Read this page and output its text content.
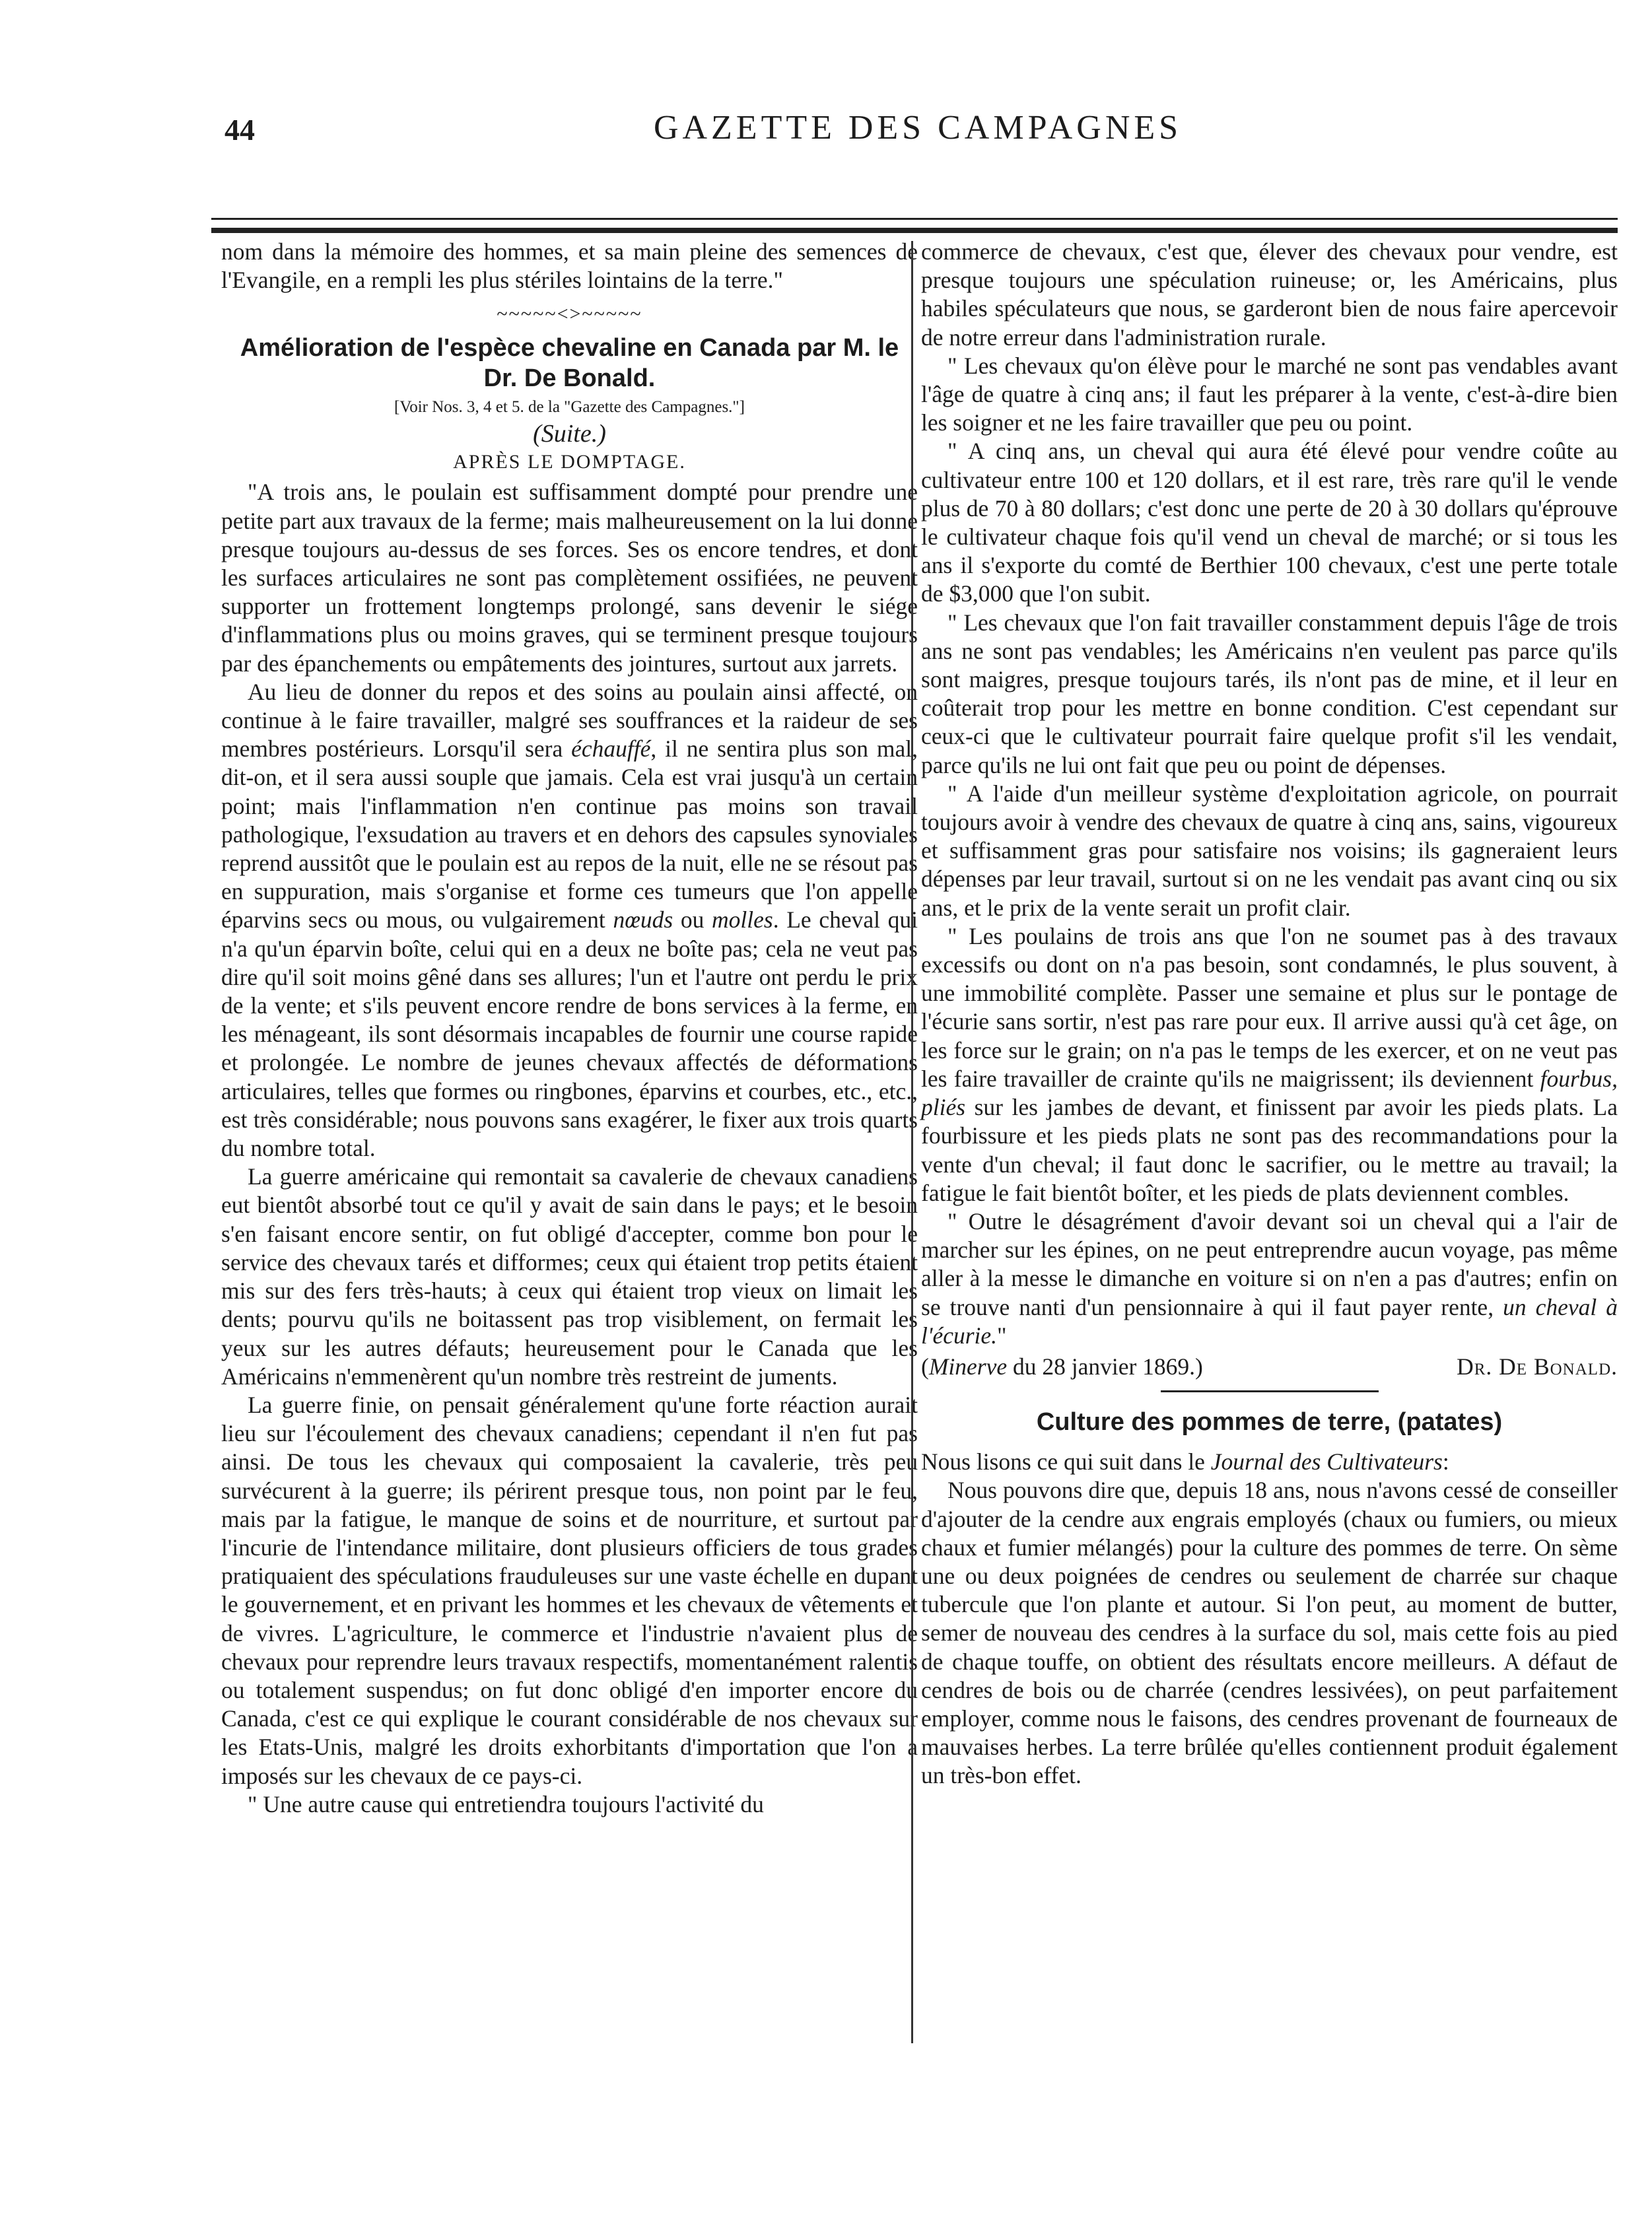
44	GAZETTE DES CAMPAGNES

nom dans la mémoire des hommes, et sa main pleine des semences de l'Evangile, en a rempli les plus stériles lointains de la terre."

~~~~~<>~~~~~
Amélioration de l'espèce chevaline en Canada par M. le Dr. De Bonald.
[Voir Nos. 3, 4 et 5. de la "Gazette des Campagnes."]
(Suite.)
APRÈS LE DOMPTAGE.

"A trois ans, le poulain est suffisamment dompté pour prendre une petite part aux travaux de la ferme; mais malheureusement on la lui donne presque toujours au-dessus de ses forces. Ses os encore tendres, et dont les surfaces articulaires ne sont pas complètement ossifiées, ne peuvent supporter un frottement longtemps prolongé, sans devenir le siége d'inflammations plus ou moins graves, qui se terminent presque toujours par des épanchements ou empâtements des jointures, surtout aux jarrets.

Au lieu de donner du repos et des soins au poulain ainsi affecté, on continue à le faire travailler, malgré ses souffrances et la raideur de ses membres postérieurs. Lorsqu'il sera échauffé, il ne sentira plus son mal, dit-on, et il sera aussi souple que jamais. Cela est vrai jusqu'à un certain point; mais l'inflammation n'en continue pas moins son travail pathologique, l'exsudation au travers et en dehors des capsules synoviales reprend aussitôt que le poulain est au repos de la nuit, elle ne se résout pas en suppuration, mais s'organise et forme ces tumeurs que l'on appelle éparvins secs ou mous, ou vulgairement nœuds ou molles. Le cheval qui n'a qu'un éparvin boîte, celui qui en a deux ne boîte pas; cela ne veut pas dire qu'il soit moins gêné dans ses allures; l'un et l'autre ont perdu le prix de la vente; et s'ils peuvent encore rendre de bons services à la ferme, en les ménageant, ils sont désormais incapables de fournir une course rapide et prolongée. Le nombre de jeunes chevaux affectés de déformations articulaires, telles que formes ou ringbones, éparvins et courbes, etc., etc., est très considérable; nous pouvons sans exagérer, le fixer aux trois quarts du nombre total.

La guerre américaine qui remontait sa cavalerie de chevaux canadiens eut bientôt absorbé tout ce qu'il y avait de sain dans le pays; et le besoin s'en faisant encore sentir, on fut obligé d'accepter, comme bon pour le service des chevaux tarés et difformes; ceux qui étaient trop petits étaient mis sur des fers très-hauts; à ceux qui étaient trop vieux on limait les dents; pourvu qu'ils ne boitassent pas trop visiblement, on fermait les yeux sur les autres défauts; heureusement pour le Canada que les Américains n'emmenèrent qu'un nombre très restreint de juments.

La guerre finie, on pensait généralement qu'une forte réaction aurait lieu sur l'écoulement des chevaux canadiens; cependant il n'en fut pas ainsi. De tous les chevaux qui composaient la cavalerie, très peu survécurent à la guerre; ils périrent presque tous, non point par le feu, mais par la fatigue, le manque de soins et de nourriture, et surtout par l'incurie de l'intendance militaire, dont plusieurs officiers de tous grades pratiquaient des spéculations frauduleuses sur une vaste échelle en dupant le gouvernement, et en privant les hommes et les chevaux de vêtements et de vivres. L'agriculture, le commerce et l'industrie n'avaient plus de chevaux pour reprendre leurs travaux respectifs, momentanément ralentis ou totalement suspendus; on fut donc obligé d'en importer encore du Canada, c'est ce qui explique le courant considérable de nos chevaux sur les Etats-Unis, malgré les droits exhorbitants d'importation que l'on a imposés sur les chevaux de ce pays-ci.

" Une autre cause qui entretiendra toujours l'activité du

commerce de chevaux, c'est que, élever des chevaux pour vendre, est presque toujours une spéculation ruineuse; or, les Américains, plus habiles spéculateurs que nous, se garderont bien de nous faire apercevoir de notre erreur dans l'administration rurale.

" Les chevaux qu'on élève pour le marché ne sont pas vendables avant l'âge de quatre à cinq ans; il faut les préparer à la vente, c'est-à-dire bien les soigner et ne les faire travailler que peu ou point.

" A cinq ans, un cheval qui aura été élevé pour vendre coûte au cultivateur entre 100 et 120 dollars, et il est rare, très rare qu'il le vende plus de 70 à 80 dollars; c'est donc une perte de 20 à 30 dollars qu'éprouve le cultivateur chaque fois qu'il vend un cheval de marché; or si tous les ans il s'exporte du comté de Berthier 100 chevaux, c'est une perte totale de $3,000 que l'on subit.

" Les chevaux que l'on fait travailler constamment depuis l'âge de trois ans ne sont pas vendables; les Américains n'en veulent pas parce qu'ils sont maigres, presque toujours tarés, ils n'ont pas de mine, et il leur en coûterait trop pour les mettre en bonne condition. C'est cependant sur ceux-ci que le cultivateur pourrait faire quelque profit s'il les vendait, parce qu'ils ne lui ont fait que peu ou point de dépenses.

" A l'aide d'un meilleur système d'exploitation agricole, on pourrait toujours avoir à vendre des chevaux de quatre à cinq ans, sains, vigoureux et suffisamment gras pour satisfaire nos voisins; ils gagneraient leurs dépenses par leur travail, surtout si on ne les vendait pas avant cinq ou six ans, et le prix de la vente serait un profit clair.

" Les poulains de trois ans que l'on ne soumet pas à des travaux excessifs ou dont on n'a pas besoin, sont condamnés, le plus souvent, à une immobilité complète. Passer une semaine et plus sur le pontage de l'écurie sans sortir, n'est pas rare pour eux. Il arrive aussi qu'à cet âge, on les force sur le grain; on n'a pas le temps de les exercer, et on ne veut pas les faire travailler de crainte qu'ils ne maigrissent; ils deviennent fourbus, pliés sur les jambes de devant, et finissent par avoir les pieds plats. La fourbissure et les pieds plats ne sont pas des recommandations pour la vente d'un cheval; il faut donc le sacrifier, ou le mettre au travail; la fatigue le fait bientôt boîter, et les pieds de plats deviennent combles.

" Outre le désagrément d'avoir devant soi un cheval qui a l'air de marcher sur les épines, on ne peut entreprendre aucun voyage, pas même aller à la messe le dimanche en voiture si on n'en a pas d'autres; enfin on se trouve nanti d'un pensionnaire à qui il faut payer rente, un cheval à l'écurie."

(Minerve du 28 janvier 1869.)	Dr. De Bonald.
Culture des pommes de terre, (patates)

Nous lisons ce qui suit dans le Journal des Cultivateurs:

Nous pouvons dire que, depuis 18 ans, nous n'avons cessé de conseiller d'ajouter de la cendre aux engrais employés (chaux ou fumiers, ou mieux chaux et fumier mélangés) pour la culture des pommes de terre. On sème une ou deux poignées de cendres ou seulement de charrée sur chaque tubercule que l'on plante et autour. Si l'on peut, au moment de butter, semer de nouveau des cendres à la surface du sol, mais cette fois au pied de chaque touffe, on obtient des résultats encore meilleurs. A défaut de cendres de bois ou de charrée (cendres lessivées), on peut parfaitement employer, comme nous le faisons, des cendres provenant de fourneaux de mauvaises herbes. La terre brûlée qu'elles contiennent produit également un très-bon effet.
